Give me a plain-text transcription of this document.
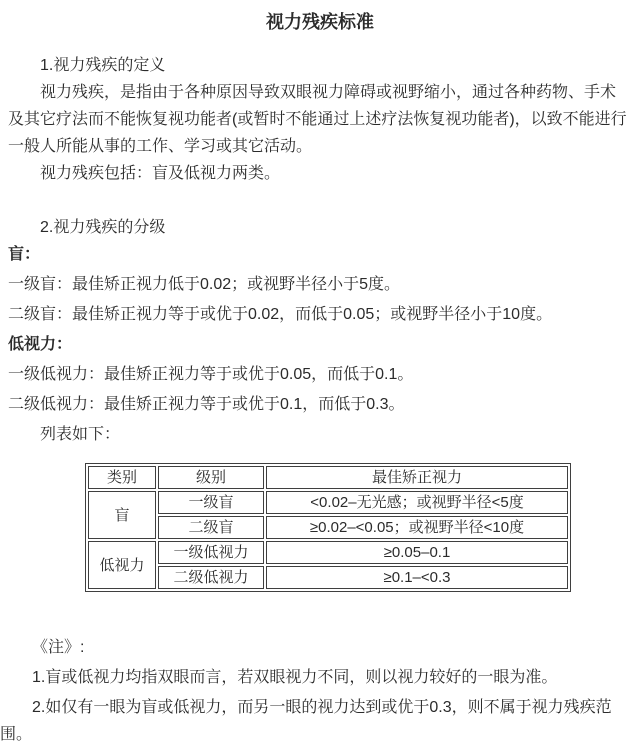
视力残疾标准

1.视力残疾的定义

视力残疾，是指由于各种原因导致双眼视力障碍或视野缩小，通过各种药物、手术及其它疗法而不能恢复视功能者(或暂时不能通过上述疗法恢复视功能者)，以致不能进行一般人所能从事的工作、学习或其它活动。

视力残疾包括：盲及低视力两类。

2.视力残疾的分级

盲：

一级盲：最佳矫正视力低于0.02；或视野半径小于5度。

二级盲：最佳矫正视力等于或优于0.02，而低于0.05；或视野半径小于10度。

低视力：

一级低视力：最佳矫正视力等于或优于0.05，而低于0.1。

二级低视力：最佳矫正视力等于或优于0.1，而低于0.3。

列表如下：

类别	级别	最佳矫正视力
盲	一级盲	<0.02–无光感；或视野半径<5度
	二级盲	≥0.02–<0.05；或视野半径<10度
低视力	一级低视力	≥0.05–0.1
	二级低视力	≥0.1–<0.3

《注》:

1.盲或低视力均指双眼而言，若双眼视力不同，则以视力较好的一眼为准。

2.如仅有一眼为盲或低视力，而另一眼的视力达到或优于0.3，则不属于视力残疾范围。
